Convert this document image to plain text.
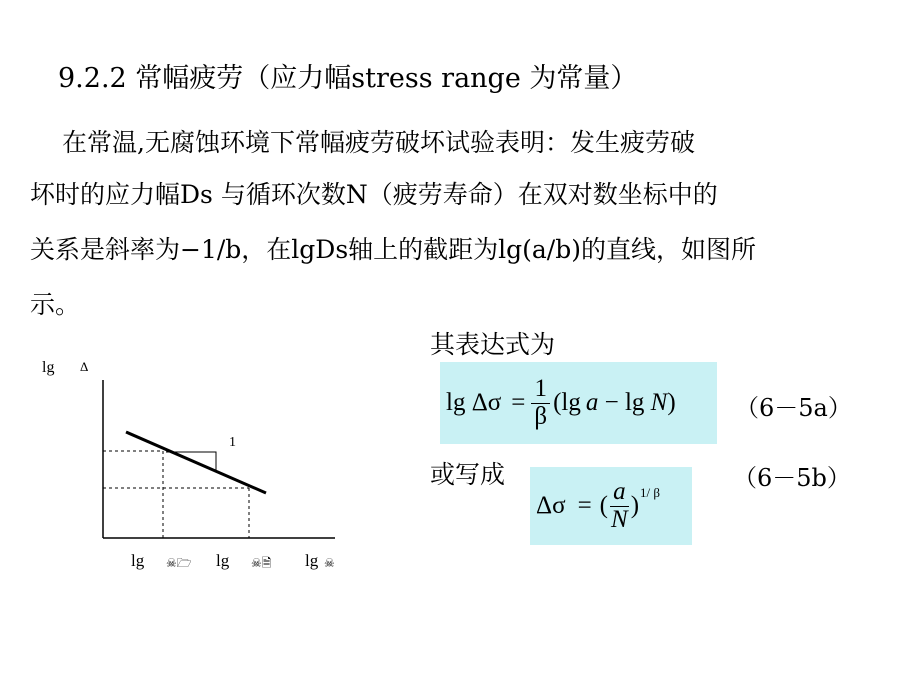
9.2.2 常幅疲劳（应力幅stress range 为常量）
在常温,无腐蚀环境下常幅疲劳破坏试验表明：发生疲劳破
坏时的应力幅Ds 与循环次数N（疲劳寿命）在双对数坐标中的
关系是斜率为−1/b，在lgDs轴上的截距为lg(a/b)的直线，如图所
示。
其表达式为
或写成
$\lg \Delta\sigma = \frac{1}{\beta} (\lg$ a − lg N ) （6－5a）
Δσ = ( $\frac{a}{N}$ ) 1/ β
（6－5b）
1
lg Δ
lg ☠🗁 lg ☠🗎 lg ☠
